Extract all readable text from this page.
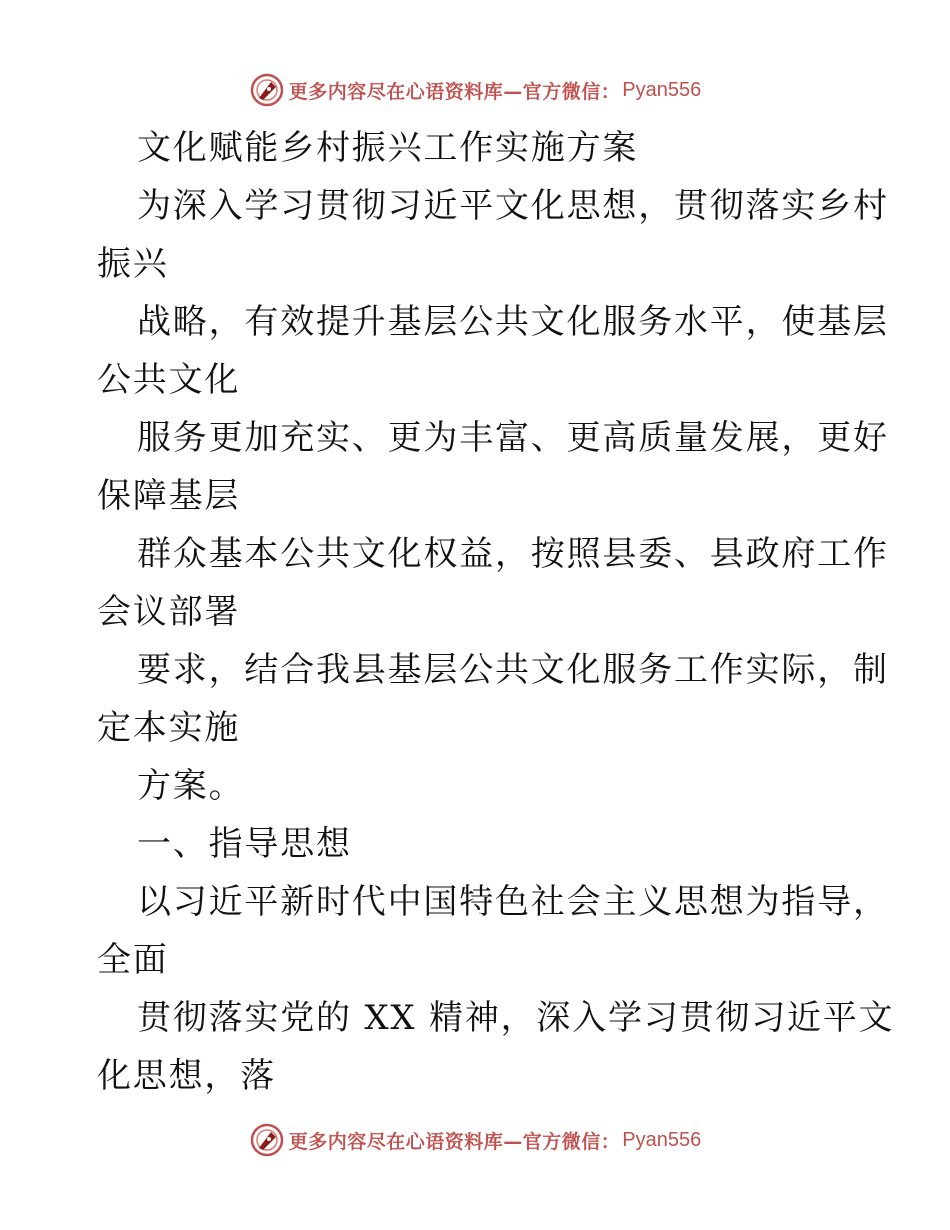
更多内容尽在心语资料库—官方微信： Pyan556
文化赋能乡村振兴工作实施方案
为深入学习贯彻习近平文化思想，贯彻落实乡村
振兴
战略，有效提升基层公共文化服务水平，使基层
公共文化
服务更加充实、更为丰富、更高质量发展，更好
保障基层
群众基本公共文化权益，按照县委、县政府工作
会议部署
要求，结合我县基层公共文化服务工作实际，制
定本实施
方案。
一、指导思想
以习近平新时代中国特色社会主义思想为指导，
全面
贯彻落实党的 XX 精神，深入学习贯彻习近平文
化思想，落
更多内容尽在心语资料库—官方微信： Pyan556
